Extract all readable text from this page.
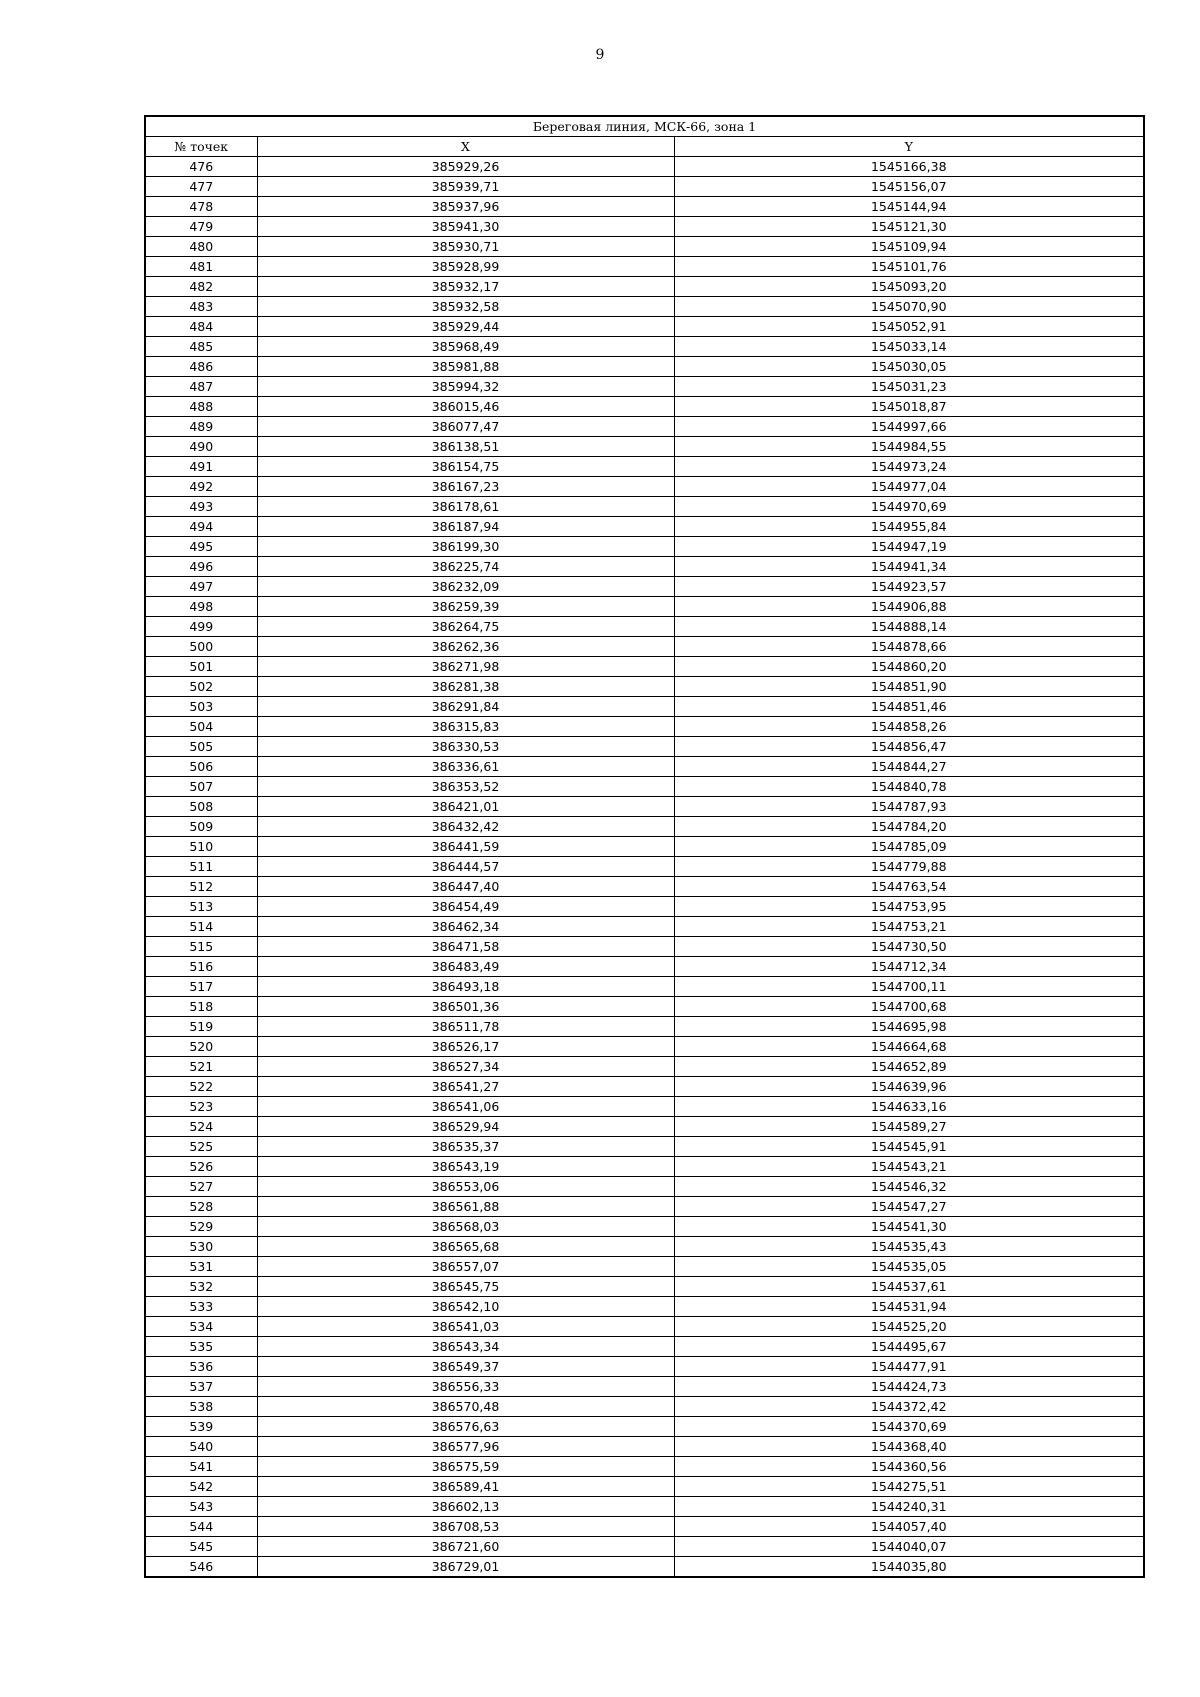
9
Береговая линия, МСК-66, зона 1		
№ точек	X	Y
476	385929,26	1545166,38
477	385939,71	1545156,07
478	385937,96	1545144,94
479	385941,30	1545121,30
480	385930,71	1545109,94
481	385928,99	1545101,76
482	385932,17	1545093,20
483	385932,58	1545070,90
484	385929,44	1545052,91
485	385968,49	1545033,14
486	385981,88	1545030,05
487	385994,32	1545031,23
488	386015,46	1545018,87
489	386077,47	1544997,66
490	386138,51	1544984,55
491	386154,75	1544973,24
492	386167,23	1544977,04
493	386178,61	1544970,69
494	386187,94	1544955,84
495	386199,30	1544947,19
496	386225,74	1544941,34
497	386232,09	1544923,57
498	386259,39	1544906,88
499	386264,75	1544888,14
500	386262,36	1544878,66
501	386271,98	1544860,20
502	386281,38	1544851,90
503	386291,84	1544851,46
504	386315,83	1544858,26
505	386330,53	1544856,47
506	386336,61	1544844,27
507	386353,52	1544840,78
508	386421,01	1544787,93
509	386432,42	1544784,20
510	386441,59	1544785,09
511	386444,57	1544779,88
512	386447,40	1544763,54
513	386454,49	1544753,95
514	386462,34	1544753,21
515	386471,58	1544730,50
516	386483,49	1544712,34
517	386493,18	1544700,11
518	386501,36	1544700,68
519	386511,78	1544695,98
520	386526,17	1544664,68
521	386527,34	1544652,89
522	386541,27	1544639,96
523	386541,06	1544633,16
524	386529,94	1544589,27
525	386535,37	1544545,91
526	386543,19	1544543,21
527	386553,06	1544546,32
528	386561,88	1544547,27
529	386568,03	1544541,30
530	386565,68	1544535,43
531	386557,07	1544535,05
532	386545,75	1544537,61
533	386542,10	1544531,94
534	386541,03	1544525,20
535	386543,34	1544495,67
536	386549,37	1544477,91
537	386556,33	1544424,73
538	386570,48	1544372,42
539	386576,63	1544370,69
540	386577,96	1544368,40
541	386575,59	1544360,56
542	386589,41	1544275,51
543	386602,13	1544240,31
544	386708,53	1544057,40
545	386721,60	1544040,07
546	386729,01	1544035,80
